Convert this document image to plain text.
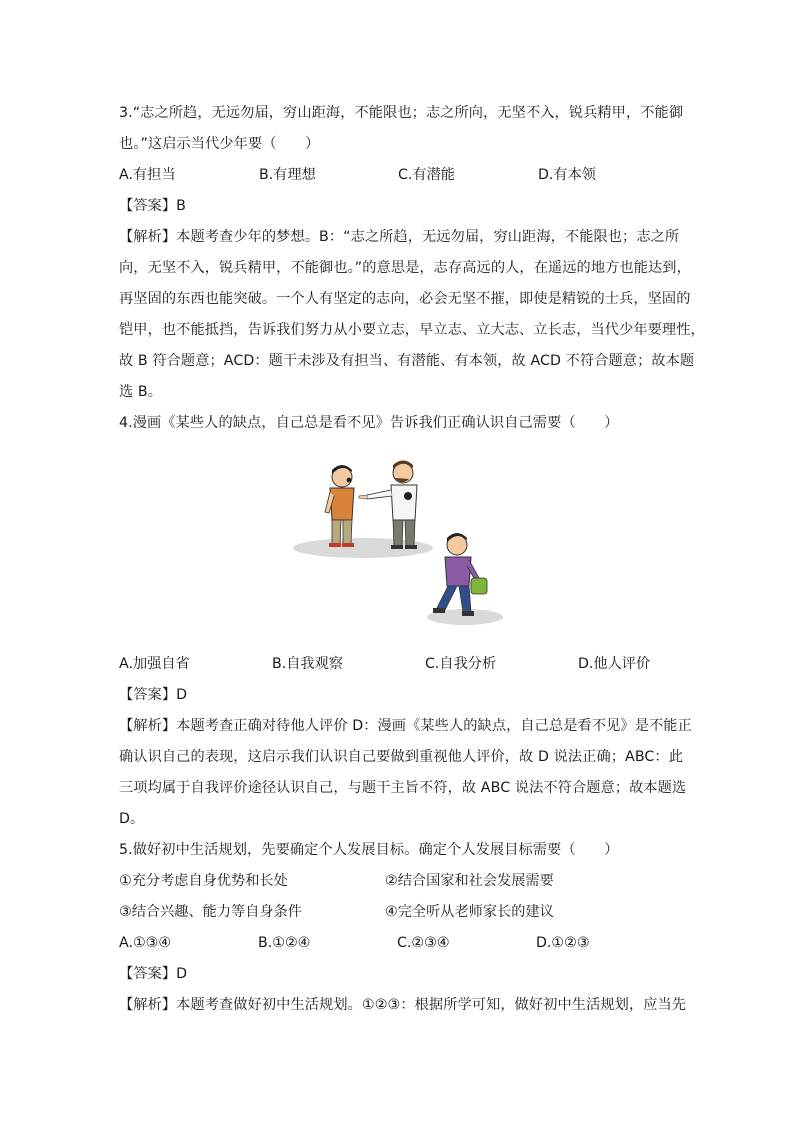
3.“志之所趋，无远勿届，穷山距海，不能限也；志之所向，无坚不入，锐兵精甲，不能御
也。”这启示当代少年要（　　）
A.有担当	B.有理想	C.有潜能	D.有本领
【答案】B
【解析】本题考查少年的梦想。B：“志之所趋，无远勿届，穷山距海，不能限也；志之所
向，无坚不入，锐兵精甲，不能御也。”的意思是，志存高远的人，在遥远的地方也能达到，
再坚固的东西也能突破。一个人有坚定的志向，必会无坚不摧，即使是精锐的士兵，坚固的
铠甲，也不能抵挡，告诉我们努力从小要立志，早立志、立大志、立长志，当代少年要理性，
故 B 符合题意；ACD：题干未涉及有担当、有潜能、有本领，故 ACD 不符合题意；故本题
选 B。
4.漫画《某些人的缺点，自己总是看不见》告诉我们正确认识自己需要（　　）
A.加强自省	B.自我观察	C.自我分析	D.他人评价
【答案】D
【解析】本题考查正确对待他人评价 D：漫画《某些人的缺点，自己总是看不见》是不能正
确认识自己的表现，这启示我们认识自己要做到重视他人评价，故 D 说法正确；ABC：此
三项均属于自我评价途径认识自己，与题干主旨不符，故 ABC 说法不符合题意；故本题选
D。
5.做好初中生活规划，先要确定个人发展目标。确定个人发展目标需要（　　）
①充分考虑自身优势和长处	②结合国家和社会发展需要
③结合兴趣、能力等自身条件	④完全听从老师家长的建议
A.①③④	B.①②④	C.②③④	D.①②③
【答案】D
【解析】本题考查做好初中生活规划。①②③：根据所学可知，做好初中生活规划，应当先
